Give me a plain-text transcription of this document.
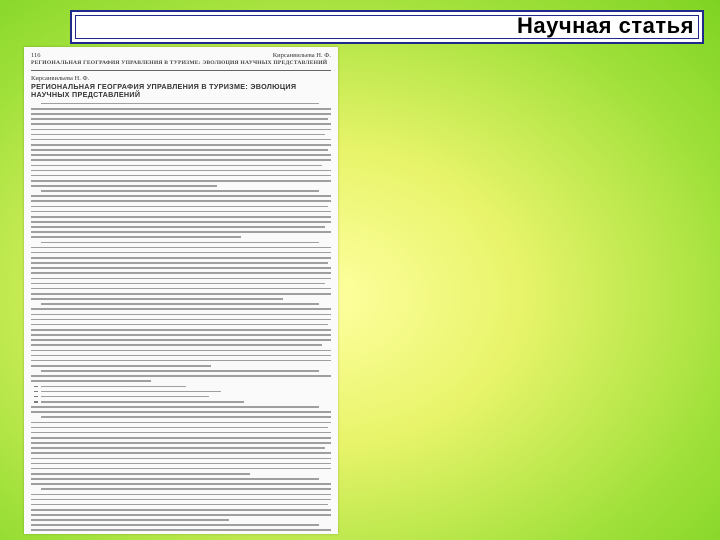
Научная статья
116	Кирсанвильева Н. Ф.
РЕГИОНАЛЬНАЯ ГЕОГРАФИЯ УПРАВЛЕНИЯ В ТУРИЗМЕ: ЭВОЛЮЦИЯ НАУЧНЫХ ПРЕДСТАВЛЕНИЙ
Кирсанвильева Н. Ф.
РЕГИОНАЛЬНАЯ ГЕОГРАФИЯ УПРАВЛЕНИЯ В ТУРИЗМЕ: ЭВОЛЮЦИЯ НАУЧНЫХ ПРЕДСТАВЛЕНИЙ
